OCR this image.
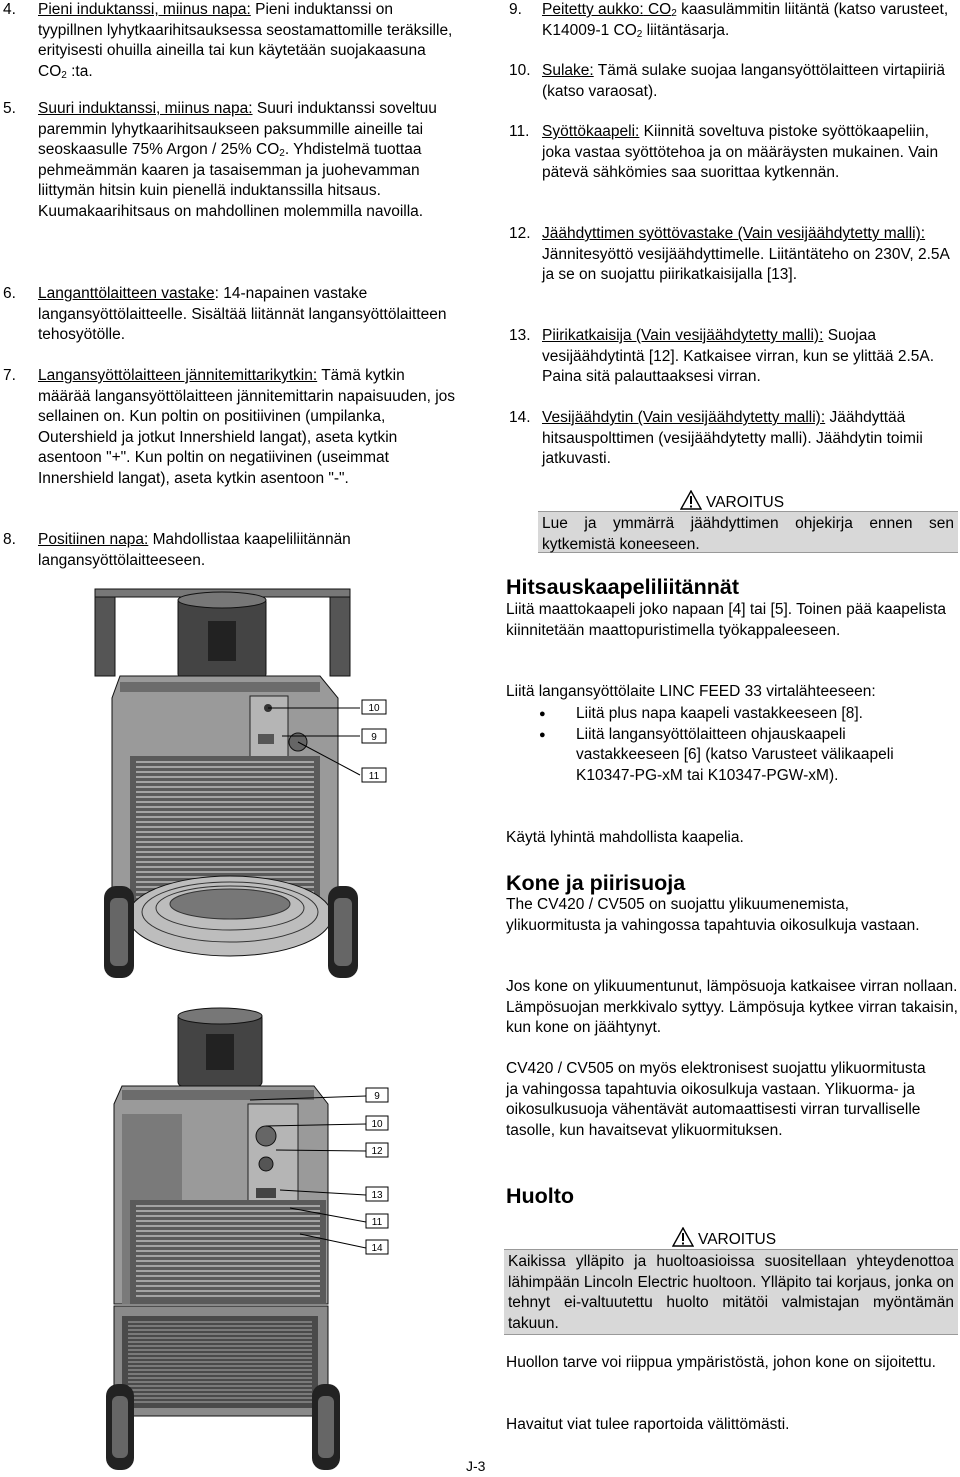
4. Pieni induktanssi, miinus napa: Pieni induktanssi on tyypillnen lyhytkaarihitsauksessa seostamattomille teräksille, erityisesti ohuilla aineilla tai kun käytetään suojakaasuna $CO_2$ :ta.
5. Suuri induktanssi, miinus napa: Suuri induktanssi soveltuu paremmin lyhytkaarihitsaukseen paksummille aineille tai seoskaasulle 75% Argon / 25% $CO_2$. Yhdistelmä tuottaa pehmeämmän kaaren ja tasaisemman ja juohevamman liittymän hitsin kuin pienellä induktanssilla hitsaus. Kuumakaarihitsaus on mahdollinen molemmilla navoilla.
6. Langanttölaitteen vastake: 14-napainen vastake langansyöttölaitteelle. Sisältää liitännät langansyöttölaitteen tehosyötölle.
7. Langansyöttölaitteen jännitemittarikytkin: Tämä kytkin määrää langansyöttölaitteen jännitemittarin napaisuuden, jos sellainen on. Kun poltin on positiivinen (umpilanka, Outershield ja jotkut Innershield langat), aseta kytkin asentoon "+". Kun poltin on negatiivinen (useimmat Innershield langat), aseta kytkin asentoon "-".
8. Positiinen napa: Mahdollistaa kaapeliliitännän langansyöttölaitteeseen.
10
9
11
9
10
12
13
11
14
9. Peitetty aukko: $CO_2$ kaasulämmitin liitäntä (katso varusteet, K14009-1 $CO_2$ liitäntäsarja.
10. Sulake: Tämä sulake suojaa langansyöttölaitteen virtapiiriä (katso varaosat).
11. Syöttökaapeli: Kiinnitä soveltuva pistoke syöttökaapeliin, joka vastaa syöttötehoa ja on määräysten mukainen. Vain pätevä sähkömies saa suorittaa kytkennän.
12. Jäähdyttimen syöttövastake (Vain vesijäähdytetty malli): Jännitesyöttö vesijäähdyttimelle. Liitäntäteho on 230V, 2.5A ja se on suojattu piirikatkaisijalla [13].
13. Piirikatkaisija (Vain vesijäähdytetty malli): Suojaa vesijäähdytintä [12]. Katkaisee virran, kun se ylittää 2.5A. Paina sitä palauttaaksesi virran.
14. Vesijäähdytin (Vain vesijäähdytetty malli): Jäähdyttää hitsauspolttimen (vesijäähdytetty malli). Jäähdytin toimii jatkuvasti.
VAROITUS
Lue ja ymmärrä jäähdyttimen ohjekirja ennen sen kytkemistä koneeseen.
Hitsauskaapeliliitännät
Liitä maattokaapeli joko napaan [4] tai [5]. Toinen pää kaapelista kiinnitetään maattopuristimella työkappaleeseen.
Liitä langansyöttölaite LINC FEED 33 virtalähteeseen:
● Liitä plus napa kaapeli vastakkeeseen [8].
● Liitä langansyöttölaitteen ohjauskaapeli vastakkeeseen [6] (katso Varusteet välikaapeli K10347-PG-xM tai K10347-PGW-xM).
Käytä lyhintä mahdollista kaapelia.
Kone ja piirisuoja
The CV420 / CV505 on suojattu ylikuumenemista, ylikuormitusta ja vahingossa tapahtuvia oikosulkuja vastaan.
Jos kone on ylikuumentunut, lämpösuoja katkaisee virran nollaan. Lämpösuojan merkkivalo syttyy. Lämpösuja kytkee virran takaisin, kun kone on jäähtynyt.
CV420 / CV505 on myös elektronisest suojattu ylikuormitusta ja vahingossa tapahtuvia oikosulkuja vastaan. Ylikuorma- ja oikosulkusuoja vähentävät automaattisesti virran turvalliselle tasolle, kun havaitsevat ylikuormituksen.
Huolto
VAROITUS
Kaikissa ylläpito ja huoltoasioissa suositellaan yhteydenottoa lähimpään Lincoln Electric huoltoon. Ylläpito tai korjaus, jonka on tehnyt ei-valtuutettu huolto mitätöi valmistajan myöntämän takuun.
Huollon tarve voi riippua ympäristöstä, johon kone on sijoitettu.
Havaitut viat tulee raportoida välittömästi.
J-3
